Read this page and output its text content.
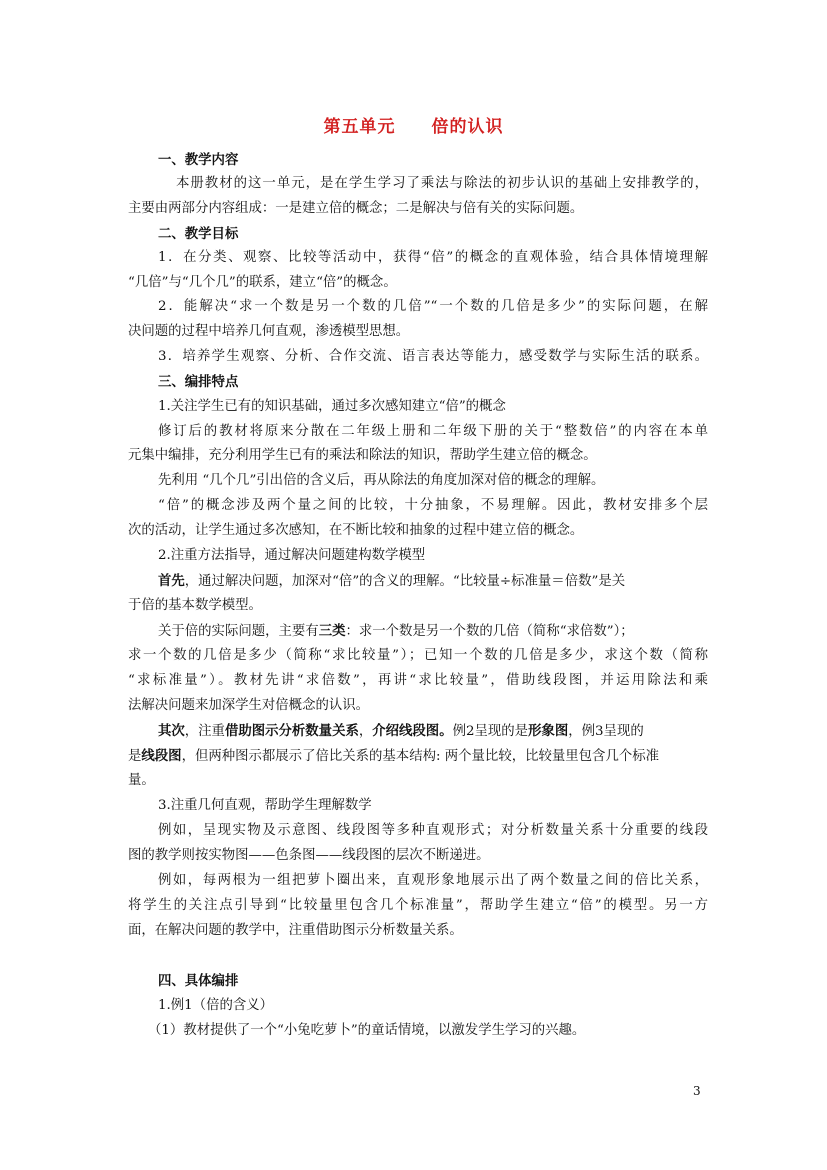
第五单元 倍的认识
一、教学内容
本册教材的这一单元，是在学生学习了乘法与除法的初步认识的基础上安排教学的，
主要由两部分内容组成：一是建立倍的概念；二是解决与倍有关的实际问题。
二、教学目标
1．在分类、观察、比较等活动中，获得“倍”的概念的直观体验，结合具体情境理解
“几倍”与“几个几”的联系，建立“倍”的概念。
2．能解决“求一个数是另一个数的几倍”“一个数的几倍是多少”的实际问题，在解
决问题的过程中培养几何直观，渗透模型思想。
3．培养学生观察、分析、合作交流、语言表达等能力，感受数学与实际生活的联系。
三、编排特点
1.关注学生已有的知识基础，通过多次感知建立“倍”的概念
修订后的教材将原来分散在二年级上册和二年级下册的关于“整数倍”的内容在本单
元集中编排，充分利用学生已有的乘法和除法的知识，帮助学生建立倍的概念。
先利用 “几个几”引出倍的含义后，再从除法的角度加深对倍的概念的理解。
“倍”的概念涉及两个量之间的比较，十分抽象，不易理解。因此，教材安排多个层
次的活动，让学生通过多次感知，在不断比较和抽象的过程中建立倍的概念。
2.注重方法指导，通过解决问题建构数学模型
首先，通过解决问题，加深对“倍”的含义的理解。“比较量÷标准量＝倍数”是关
于倍的基本数学模型。
关于倍的实际问题，主要有三类：求一个数是另一个数的几倍（简称“求倍数”）；
求一个数的几倍是多少（简称“求比较量”）；已知一个数的几倍是多少，求这个数（简称
“求标准量”）。教材先讲“求倍数”，再讲“求比较量”，借助线段图，并运用除法和乘
法解决问题来加深学生对倍概念的认识。
其次，注重借助图示分析数量关系，介绍线段图。例2呈现的是形象图，例3呈现的
是线段图，但两种图示都展示了倍比关系的基本结构: 两个量比较，比较量里包含几个标准
量。
3.注重几何直观，帮助学生理解数学
例如，呈现实物及示意图、线段图等多种直观形式；对分析数量关系十分重要的线段
图的教学则按实物图——色条图——线段图的层次不断递进。
例如，每两根为一组把萝卜圈出来，直观形象地展示出了两个数量之间的倍比关系，
将学生的关注点引导到“比较量里包含几个标准量”，帮助学生建立“倍”的模型。另一方
面，在解决问题的教学中，注重借助图示分析数量关系。
四、具体编排
1.例1（倍的含义）
（1）教材提供了一个“小兔吃萝卜”的童话情境，以激发学生学习的兴趣。
3
